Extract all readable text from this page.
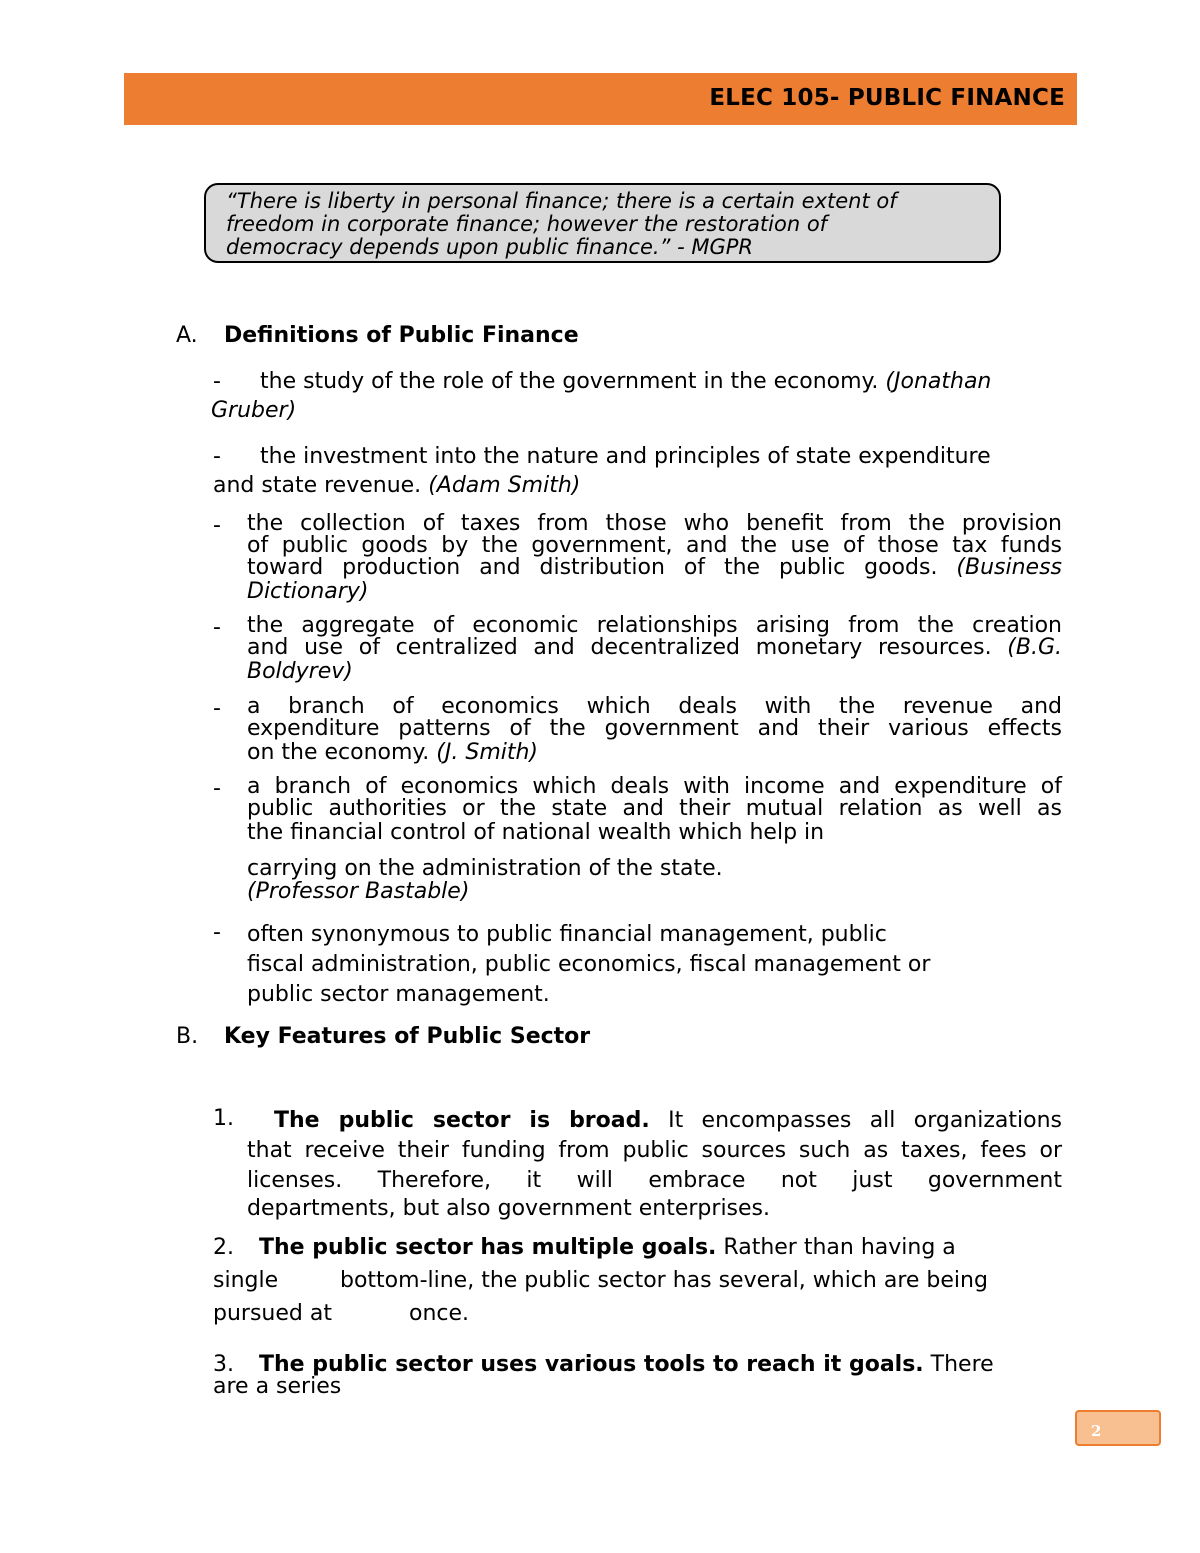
ELEC 105- PUBLIC FINANCE
“There is liberty in personal finance; there is a certain extent of
freedom in corporate finance; however the restoration of
democracy depends upon public finance.” - MGPR
A. Definitions of Public Finance
- the study of the role of the government in the economy. (Jonathan
Gruber)
- the investment into the nature and principles of state expenditure
and state revenue. (Adam Smith)
- the collection of taxes from those who benefit from the provision
of public goods by the government, and the use of those tax funds
toward production and distribution of the public goods. (Business
Dictionary)
- the aggregate of economic relationships arising from the creation
and use of centralized and decentralized monetary resources. (B.G.
Boldyrev)
- a branch of economics which deals with the revenue and
expenditure patterns of the government and their various effects
on the economy. (J. Smith)
- a branch of economics which deals with income and expenditure of
public authorities or the state and their mutual relation as well as
the financial control of national wealth which help in
carrying on the administration of the state.
(Professor Bastable)
- often synonymous to public financial management, public
fiscal administration, public economics, fiscal management or
public sector management.
B. Key Features of Public Sector
1. The public sector is broad. It encompasses all organizations
that receive their funding from public sources such as taxes, fees or
licenses. Therefore, it will embrace not just government
departments, but also government enterprises.
2. The public sector has multiple goals. Rather than having a
single	bottom-line, the public sector has several, which are being
pursued at	once.
3. The public sector uses various tools to reach it goals. There
are a series
2
